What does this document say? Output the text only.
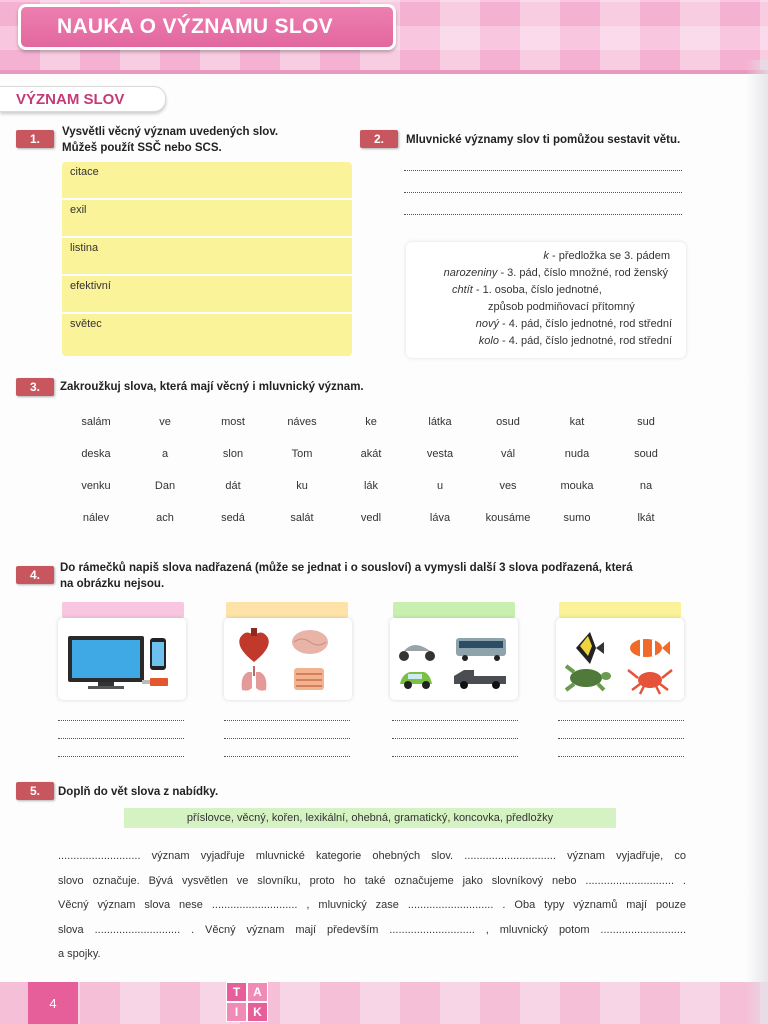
NAUKA O VÝZNAMU SLOV
VÝZNAM SLOV
1.	Vysvětli věcný význam uvedených slov.
Můžeš použít SSČ nebo SCS.
citace
exil
listina
efektivní
světec
2.	Mluvnické významy slov ti pomůžou sestavit větu.
k - předložka se 3. pádem
narozeniny - 3. pád, číslo množné, rod ženský
chtít - 1. osoba, číslo jednotné,
způsob podmiňovací přítomný
nový - 4. pád, číslo jednotné, rod střední
kolo - 4. pád, číslo jednotné, rod střední
3.	Zakroužkuj slova, která mají věcný i mluvnický význam.
salám	ve	most	náves	ke	látka	osud	kat	sud
deska	a	slon	Tom	akát	vesta	vál	nuda	soud
venku	Dan	dát	ku	lák	u	ves	mouka	na
nálev	ach	sedá	salát	vedl	láva	kousáme	sumo	lkát
4.	Do rámečků napiš slova nadřazená (může se jednat i o sousloví) a vymysli další 3 slova podřazená, která
na obrázku nejsou.
5.	Doplň do vět slova z nabídky.
příslovce, věcný, kořen, lexikální, ohebná, gramatický, koncovka, předložky
........................... význam vyjadřuje mluvnické kategorie ohebných slov. .............................. význam vyjadřuje, co
slovo označuje. Bývá vysvětlen ve slovníku, proto ho také označujeme jako slovníkový nebo ............................. .
Věcný význam slova nese ............................ , mluvnický zase ............................ . Oba typy významů mají pouze
slova ............................ . Věcný význam mají především ............................ , mluvnický potom ............................
a spojky.
4
T	A
I	K
